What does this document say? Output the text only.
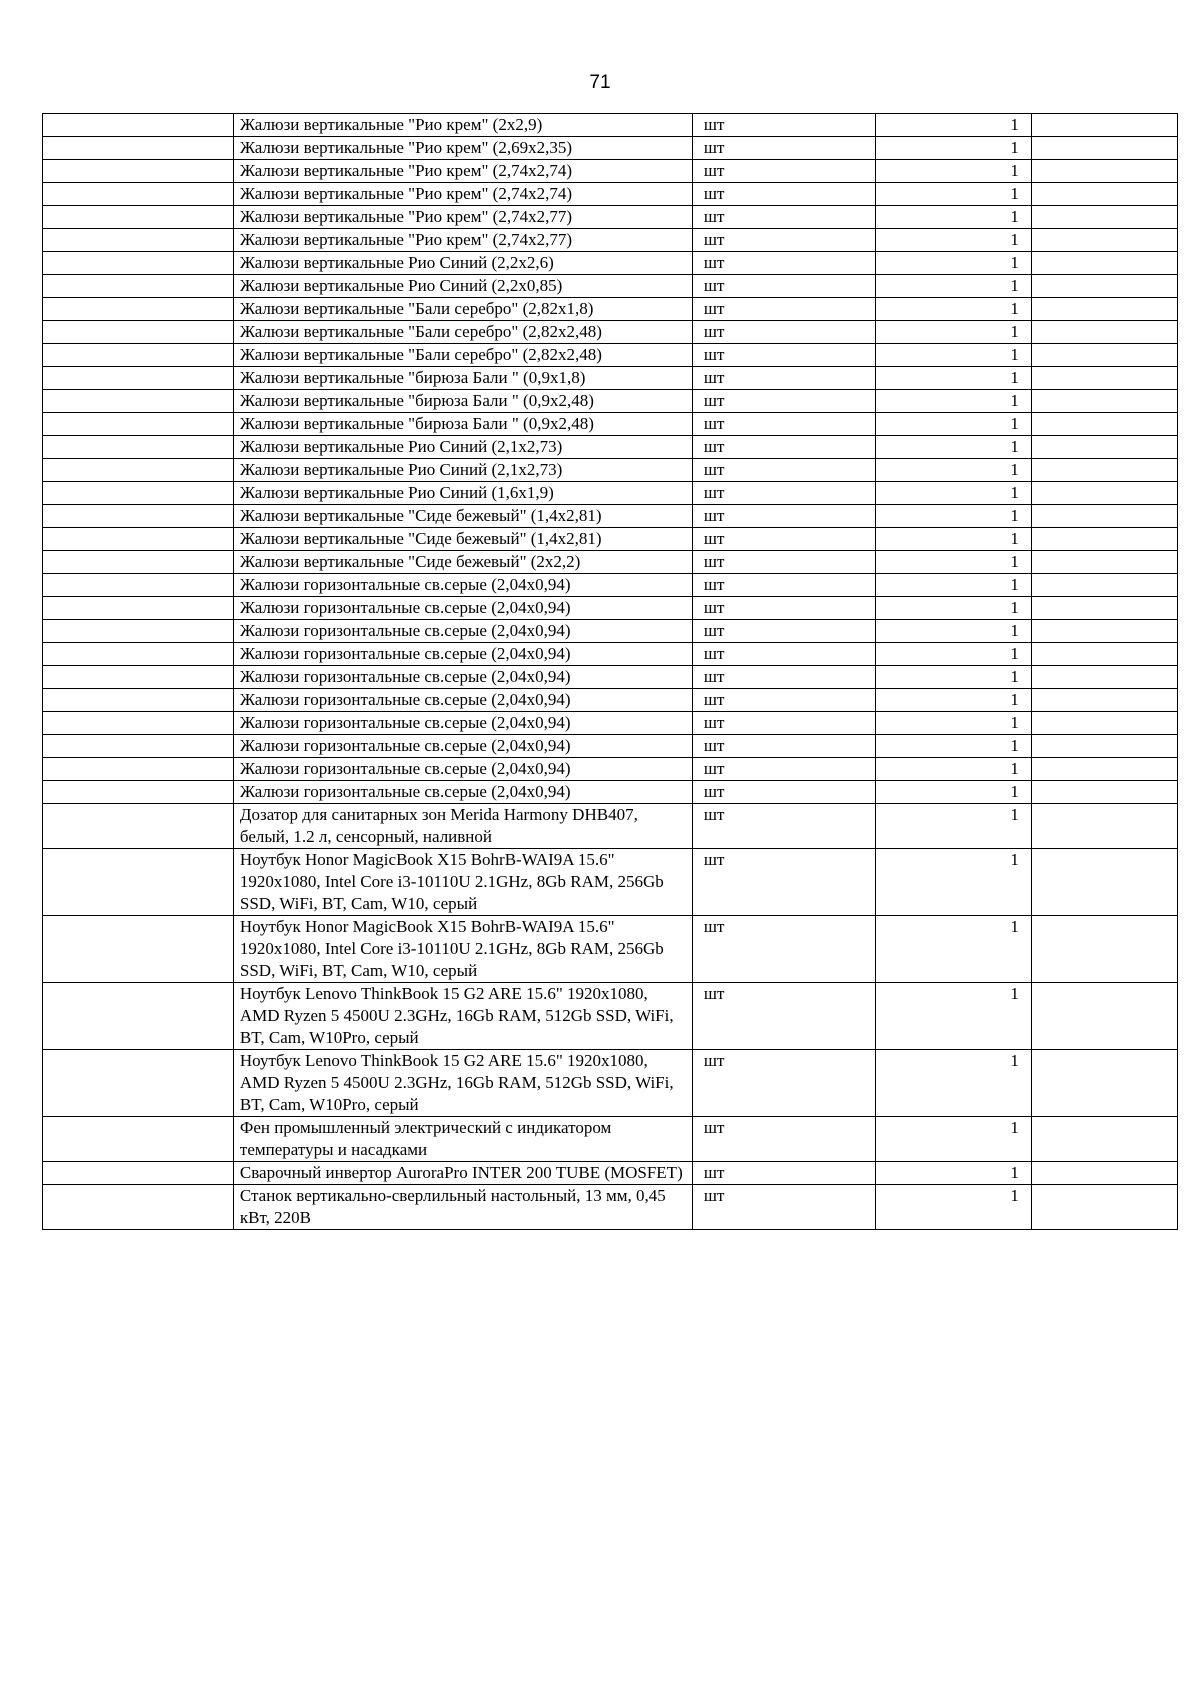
71
	Жалюзи вертикальные "Рио крем" (2х2,9)	шт	1	
	Жалюзи вертикальные "Рио крем" (2,69х2,35)	шт	1	
	Жалюзи вертикальные "Рио крем" (2,74х2,74)	шт	1	
	Жалюзи вертикальные "Рио крем" (2,74х2,74)	шт	1	
	Жалюзи вертикальные "Рио крем" (2,74х2,77)	шт	1	
	Жалюзи вертикальные "Рио крем" (2,74х2,77)	шт	1	
	Жалюзи вертикальные Рио Синий (2,2х2,6)	шт	1	
	Жалюзи вертикальные Рио Синий (2,2х0,85)	шт	1	
	Жалюзи вертикальные "Бали серебро" (2,82х1,8)	шт	1	
	Жалюзи вертикальные "Бали серебро" (2,82х2,48)	шт	1	
	Жалюзи вертикальные "Бали серебро" (2,82х2,48)	шт	1	
	Жалюзи вертикальные "бирюза Бали " (0,9х1,8)	шт	1	
	Жалюзи вертикальные "бирюза Бали " (0,9х2,48)	шт	1	
	Жалюзи вертикальные "бирюза Бали " (0,9х2,48)	шт	1	
	Жалюзи вертикальные Рио Синий (2,1х2,73)	шт	1	
	Жалюзи вертикальные Рио Синий (2,1х2,73)	шт	1	
	Жалюзи вертикальные Рио Синий (1,6х1,9)	шт	1	
	Жалюзи вертикальные "Сиде бежевый" (1,4х2,81)	шт	1	
	Жалюзи вертикальные "Сиде бежевый" (1,4х2,81)	шт	1	
	Жалюзи вертикальные "Сиде бежевый" (2х2,2)	шт	1	
	Жалюзи горизонтальные св.серые (2,04х0,94)	шт	1	
	Жалюзи горизонтальные св.серые (2,04х0,94)	шт	1	
	Жалюзи горизонтальные св.серые (2,04х0,94)	шт	1	
	Жалюзи горизонтальные св.серые (2,04х0,94)	шт	1	
	Жалюзи горизонтальные св.серые (2,04х0,94)	шт	1	
	Жалюзи горизонтальные св.серые (2,04х0,94)	шт	1	
	Жалюзи горизонтальные св.серые (2,04х0,94)	шт	1	
	Жалюзи горизонтальные св.серые (2,04х0,94)	шт	1	
	Жалюзи горизонтальные св.серые (2,04х0,94)	шт	1	
	Жалюзи горизонтальные св.серые (2,04х0,94)	шт	1	
	Дозатор для санитарных зон Merida Harmony DHB407, белый, 1.2 л, сенсорный, наливной	шт	1	
	Ноутбук Honor MagicBook X15 BohrB-WAI9A 15.6" 1920x1080, Intel Core i3-10110U 2.1GHz, 8Gb RAM, 256Gb SSD, WiFi, BT, Cam, W10, серый	шт	1	
	Ноутбук Honor MagicBook X15 BohrB-WAI9A 15.6" 1920x1080, Intel Core i3-10110U 2.1GHz, 8Gb RAM, 256Gb SSD, WiFi, BT, Cam, W10, серый	шт	1	
	Ноутбук Lenovo ThinkBook 15 G2 ARE 15.6" 1920x1080, AMD Ryzen 5 4500U 2.3GHz, 16Gb RAM, 512Gb SSD, WiFi, BT, Cam, W10Pro, серый	шт	1	
	Ноутбук Lenovo ThinkBook 15 G2 ARE 15.6" 1920x1080, AMD Ryzen 5 4500U 2.3GHz, 16Gb RAM, 512Gb SSD, WiFi, BT, Cam, W10Pro, серый	шт	1	
	Фен промышленный электрический с индикатором температуры и насадками	шт	1	
	Сварочный инвертор AuroraPro INTER 200 TUBE (MOSFET)	шт	1	
	Станок вертикально-сверлильный настольный, 13 мм, 0,45 кВт, 220В	шт	1	
